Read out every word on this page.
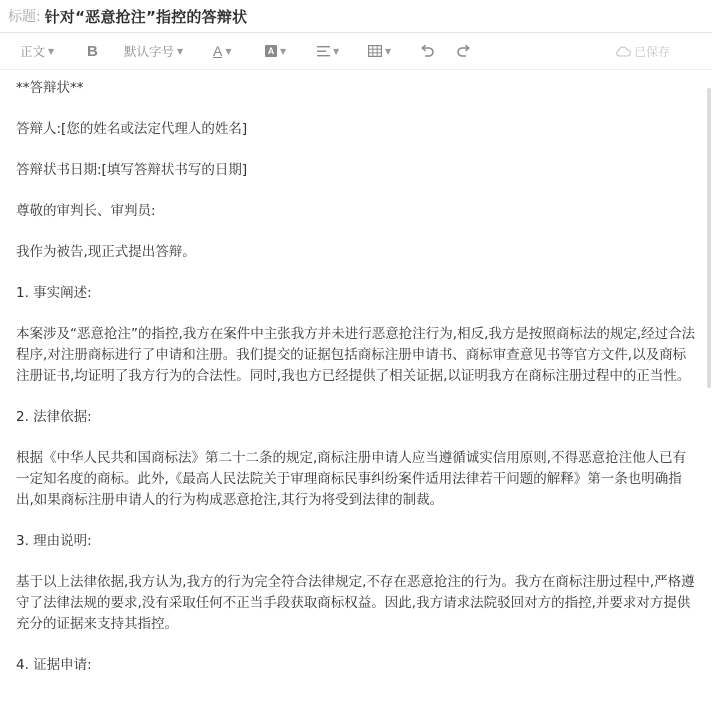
标题: 针对“恶意抢注”指控的答辩状
正文 ▼ B 默认字号 ▼ A ▼	A ▼	▼	▼	已保存

**答辩状**

答辩人:[您的姓名或法定代理人的姓名]

答辩状书日期:[填写答辩状书写的日期]

尊敬的审判长、审判员:

我作为被告,现正式提出答辩。

1. 事实阐述:

本案涉及“恶意抢注”的指控,我方在案件中主张我方并未进行恶意抢注行为,相反,我方是按照商标法的规定,经过合法程序,对注册商标进行了申请和注册。我们提交的证据包括商标注册申请书、商标审查意见书等官方文件,以及商标注册证书,均证明了我方行为的合法性。同时,我也方已经提供了相关证据,以证明我方在商标注册过程中的正当性。

2. 法律依据:

根据《中华人民共和国商标法》第二十二条的规定,商标注册申请人应当遵循诚实信用原则,不得恶意抢注他人已有一定知名度的商标。此外,《最高人民法院关于审理商标民事纠纷案件适用法律若干问题的解释》第一条也明确指出,如果商标注册申请人的行为构成恶意抢注,其行为将受到法律的制裁。

3. 理由说明:

基于以上法律依据,我方认为,我方的行为完全符合法律规定,不存在恶意抢注的行为。我方在商标注册过程中,严格遵守了法律法规的要求,没有采取任何不正当手段获取商标权益。因此,我方请求法院驳回对方的指控,并要求对方提供充分的证据来支持其指控。

4. 证据申请:
